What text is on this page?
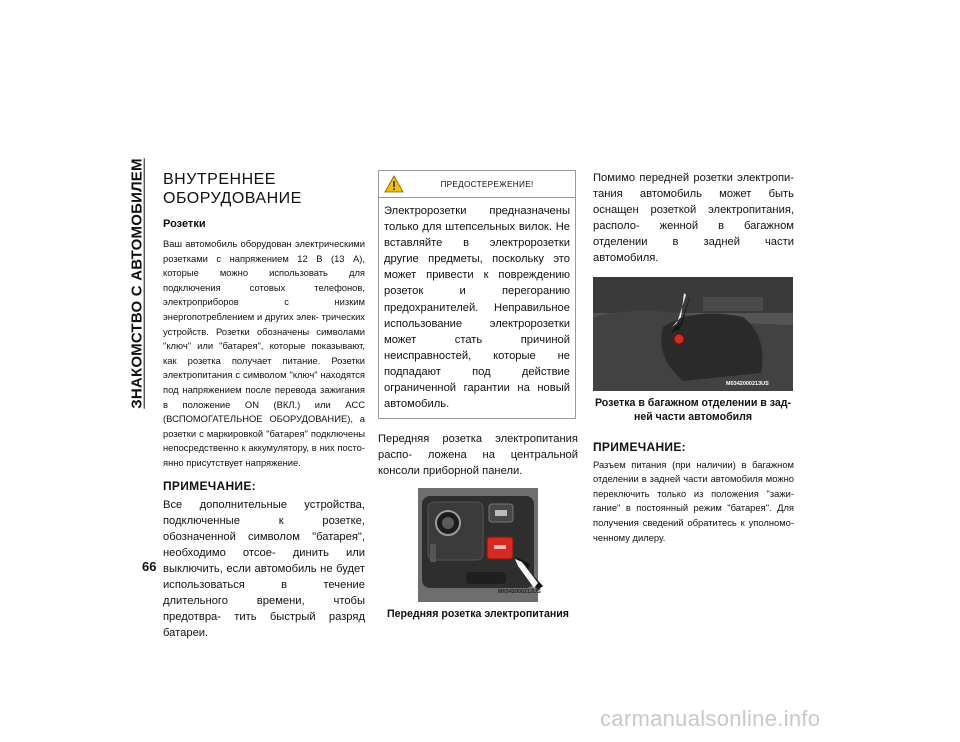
ЗНАКОМСТВО С АВТОМОБИЛЕМ
66
ВНУТРЕННЕЕ
ОБОРУДОВАНИЕ
Розетки

Ваш автомобиль оборудован электрическими розетками с напряжением 12 В (13 А), которые можно использовать для подключения сотовых телефонов, электроприборов с низким энергопотреблением и других элек- трических устройств. Розетки обозначены символами "ключ" или "батарея", которые показывают, как розетка получает питание. Розетки электропитания с символом "ключ" находятся под напряжением после перевода зажигания в положение ON (ВКЛ.) или ACC (ВСПОМОГАТЕЛЬНОЕ ОБОРУДОВАНИЕ), а розетки с маркировкой "батарея" подключены непосредственно к аккумулятору, в них посто- янно присутствует напряжение.

ПРИМЕЧАНИЕ:

Все дополнительные устройства, подключенные к розетке, обозначенной символом "батарея", необходимо отсое- динить или выключить, если автомобиль не будет использоваться в течение длительного времени, чтобы предотвра- тить быстрый разряд батареи.

ПРЕДОСТЕРЕЖЕНИЕ!
Электророзетки предназначены только для штепсельных вилок. Не вставляйте в электророзетки другие предметы, поскольку это может привести к повреждению розеток и перегоранию предохранителей. Неправильное использование электророзетки может стать причиной неисправностей, которые не подпадают под действие ограниченной гарантии на новый автомобиль.

Передняя розетка электропитания распо- ложена на центральной консоли приборной панели.

M0342000212US
Передняя розетка электропитания

Помимо передней розетки электропи- тания автомобиль может быть оснащен розеткой электропитания, располо- женной в багажном отделении в задней части автомобиля.

M0342000213US
Розетка в багажном отделении в зад-
ней части автомобиля
ПРИМЕЧАНИЕ:

Разъем питания (при наличии) в багажном отделении в задней части автомобиля можно переключить только из положения "зажи- гание" в постоянный режим "батарея". Для получения сведений обратитесь к уполномо- ченному дилеру.

carmanualsonline.info
